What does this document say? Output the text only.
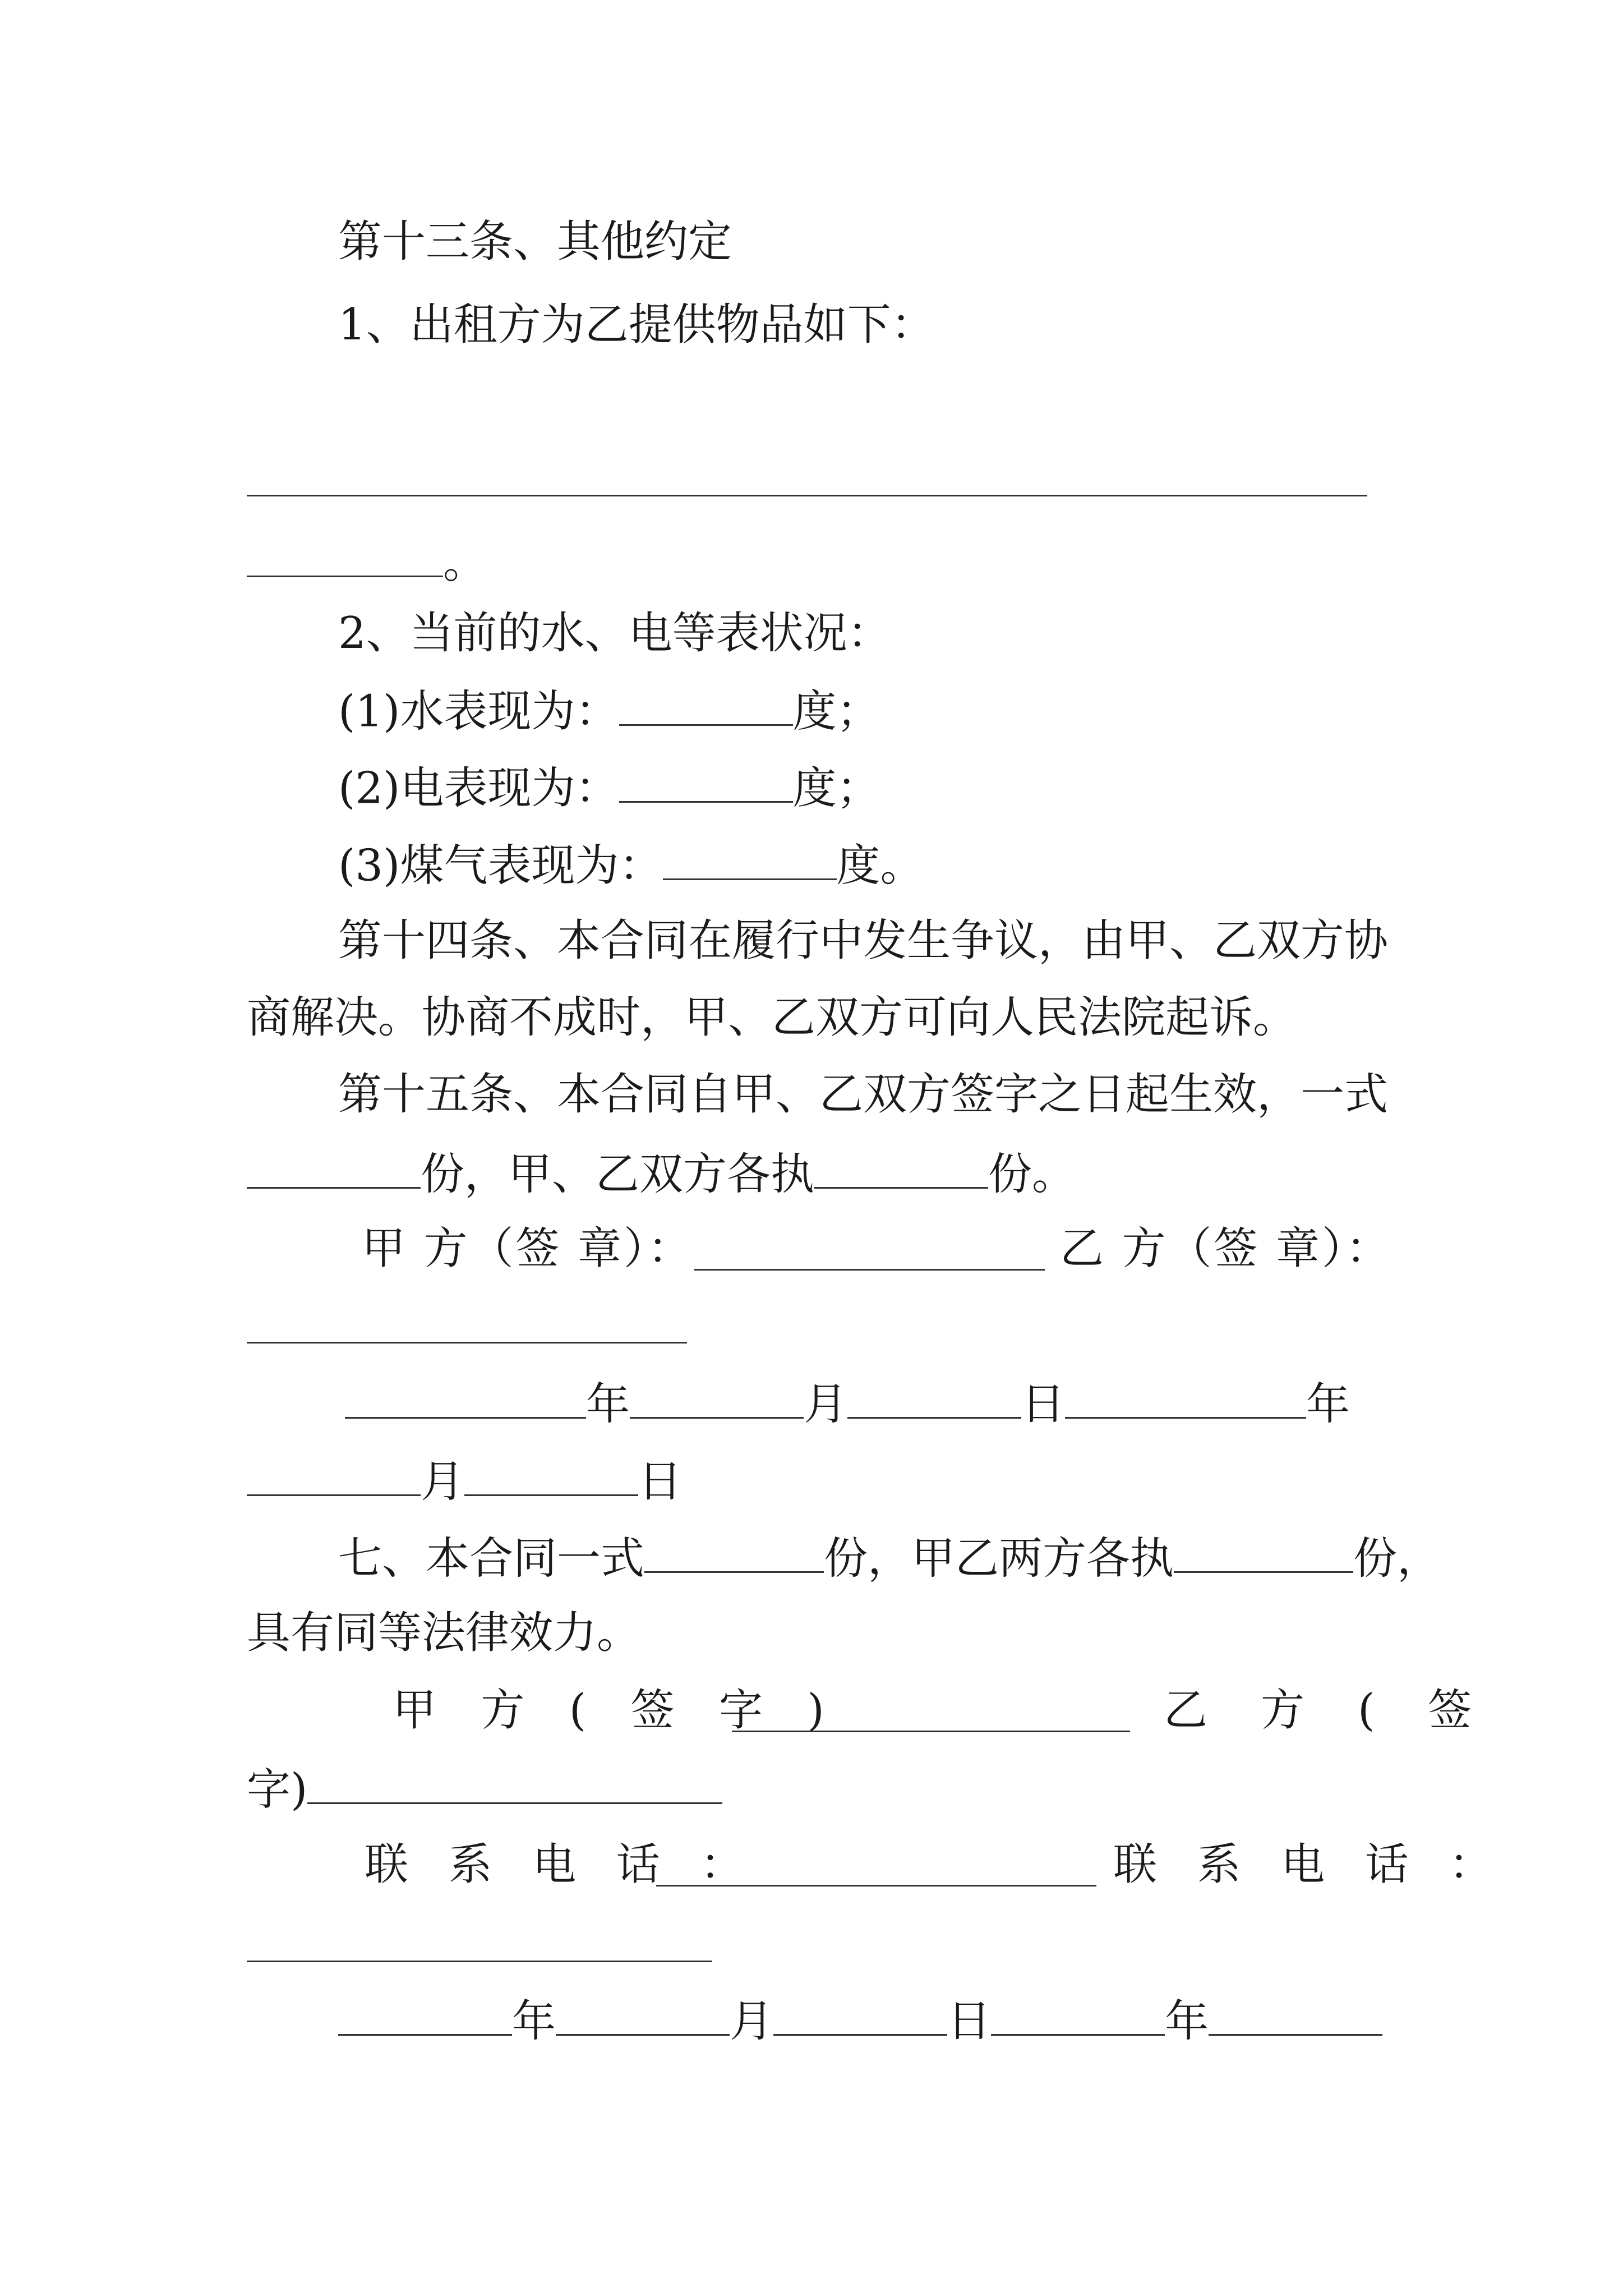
第十三条、其他约定
1、出租方为乙提供物品如下：
。
2、当前的水、电等表状况：
(1)水表现为：	度；
(2)电表现为：	度；
(3)煤气表现为：	度。
第十四条、本合同在履行中发生争议，由甲、乙双方协
商解决。协商不成时，甲、乙双方可向人民法院起诉。
第十五条、本合同自甲、乙双方签字之日起生效，一式
份，甲、乙双方各执	份。
甲 方（签 章）：	乙 方（签 章）：
年	月	日	年
月	日
七、本合同一式	份，甲乙两方各执	份，
具有同等法律效力。
甲 方 ( 签 字 )	乙 方 ( 签
字)
联 系 电 话 ：	联 系 电 话 ：
年	月	日	年
